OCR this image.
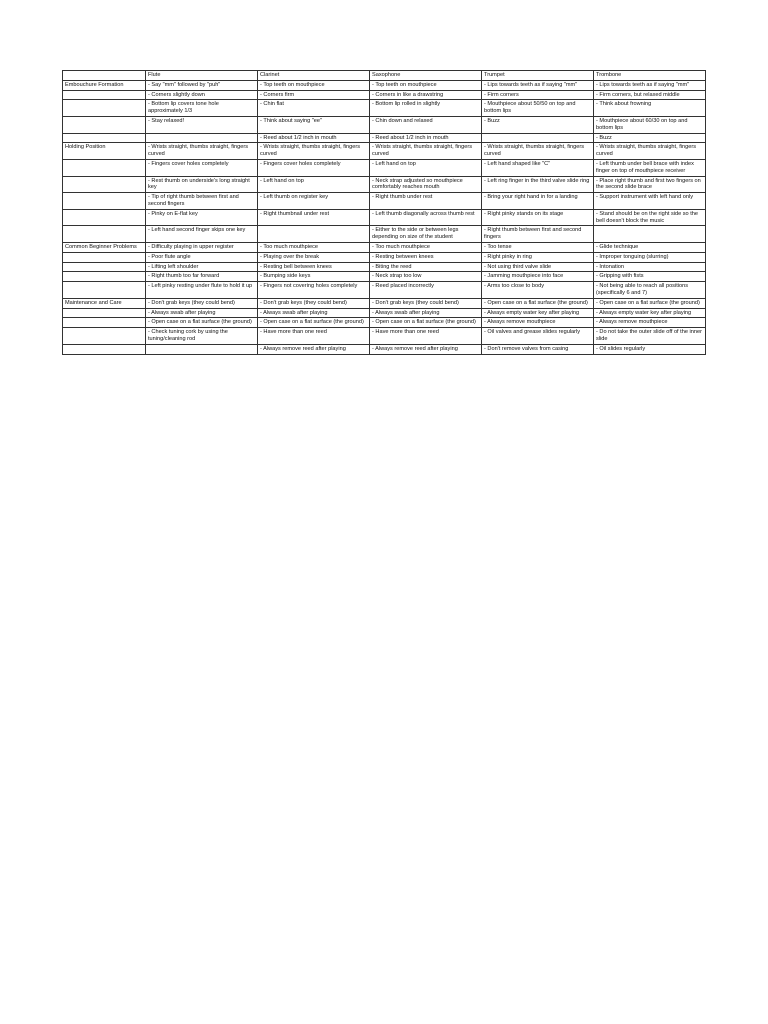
	Flute	Clarinet	Saxophone	Trumpet	Trombone
Embouchure Formation	- Say "mm" followed by "puh"	- Top teeth on mouthpiece	- Top teeth on mouthpiece	- Lips towards teeth as if saying "mm"	- Lips towards teeth as if saying "mm"
	- Corners slightly down	- Corners firm	- Corners in like a drawstring	- Firm corners	- Firm corners, but relaxed middle
	- Bottom lip covers tone hole approximately 1/3	- Chin flat	- Bottom lip rolled in slightly	- Mouthpiece about 50/50 on top and bottom lips	- Think about frowning
	- Stay relaxed!	- Think about saying "ee"	- Chin down and relaxed	- Buzz	- Mouthpiece about 60/30 on top and bottom lips
		- Reed about 1/2 inch in mouth	- Reed about 1/2 inch in mouth		- Buzz
Holding Position	- Wrists straight, thumbs straight, fingers curved	- Wrists straight, thumbs straight, fingers curved	- Wrists straight, thumbs straight, fingers curved	- Wrists straight, thumbs straight, fingers curved	- Wrists straight, thumbs straight, fingers curved
	- Fingers cover holes completely	- Fingers cover holes completely	- Left hand on top	- Left hand shaped like "C"	- Left thumb under bell brace with index finger on top of mouthpiece receiver
	- Rest thumb on underside's long straight key	- Left hand on top	- Neck strap adjusted so mouthpiece comfortably reaches mouth	- Left ring finger in the third valve slide ring	- Place right thumb and first two fingers on the second slide brace
	- Tip of right thumb between first and second fingers	- Left thumb on register key	- Right thumb under rest	- Bring your right hand in for a landing	- Support instrument with left hand only
	- Pinky on E-flat key	- Right thumbnail under rest	- Left thumb diagonally across thumb rest	- Right pinky stands on its stage	- Stand should be on the right side so the bell doesn't block the music
	- Left hand second finger skips one key		- Either to the side or between legs depending on size of the student	- Right thumb between first and second fingers	
Common Beginner Problems	- Difficulty playing in upper register	- Too much mouthpiece	- Too much mouthpiece	- Too tense	- Glide technique
	- Poor flute angle	- Playing over the break	- Resting between knees	- Right pinky in ring	- Improper tonguing (slurring)
	- Lifting left shoulder	- Resting bell between knees	- Biting the reed	- Not using third valve slide	- Intonation
	- Right thumb too far forward	- Bumping side keys	- Neck strap too low	- Jamming mouthpiece into face	- Gripping with fists
	- Left pinky resting under flute to hold it up	- Fingers not covering holes completely	- Reed placed incorrectly	- Arms too close to body	- Not being able to reach all positions (specifically 6 and 7)
Maintenance and Care	- Don't grab keys (they could bend)	- Don't grab keys (they could bend)	- Don't grab keys (they could bend)	- Open case on a flat surface (the ground)	- Open case on a flat surface (the ground)
	- Always swab after playing	- Always swab after playing	- Always swab after playing	- Always empty water key after playing	- Always empty water key after playing
	- Open case on a flat surface (the ground)	- Open case on a flat surface (the ground)	- Open case on a flat surface (the ground)	- Always remove mouthpiece	- Always remove mouthpiece
	- Check tuning cork by using the tuning/cleaning rod	- Have more than one reed	- Have more than one reed	- Oil valves and grease slides regularly	- Do not take the outer slide off of the inner slide
		- Always remove reed after playing	- Always remove reed after playing	- Don't remove valves from casing	- Oil slides regularly
